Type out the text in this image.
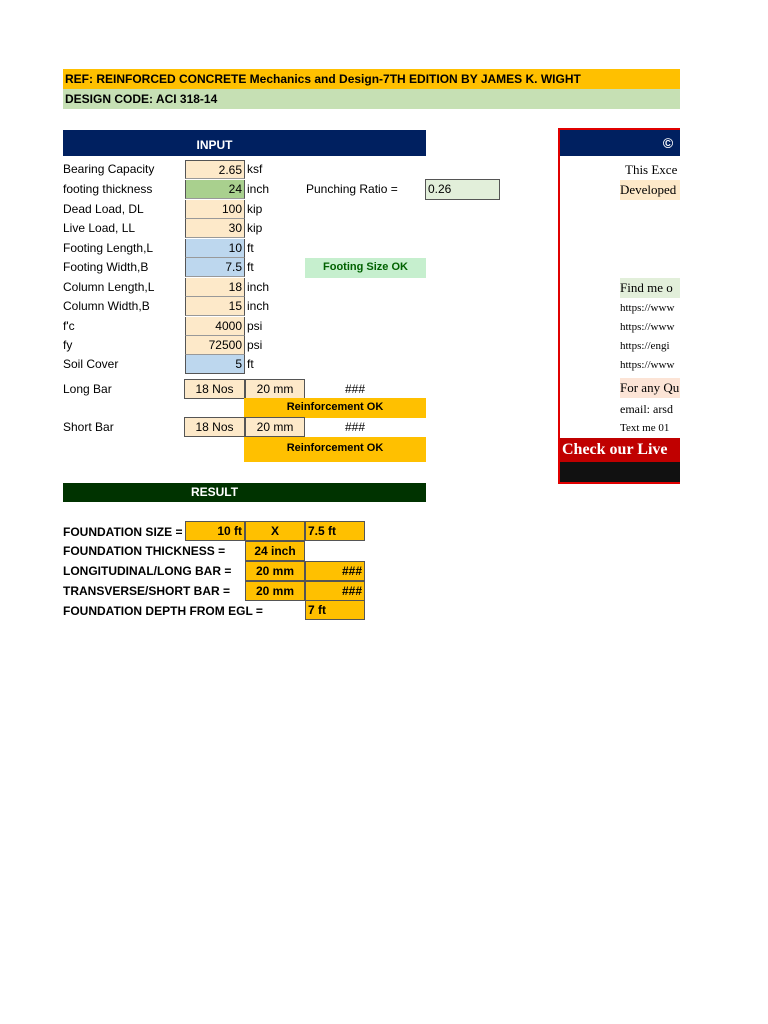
REF: REINFORCED CONCRETE Mechanics and Design-7TH EDITION BY JAMES K. WIGHT
DESIGN CODE: ACI 318-14
INPUT
Bearing Capacity	2.65 ksf
footing thickness	24 inch
Dead Load, DL	100 kip
Live Load, LL	30 kip
Footing Length,L	10 ft
Footing Width,B	7.5 ft
Column Length,L	18 inch
Column Width,B	15 inch
f'c	4000 psi
fy	72500 psi
Soil Cover	5 ft
Punching Ratio =	0.26
Footing Size OK
Long Bar	18 Nos	20 mm	###
Reinforcement OK
Short Bar	18 Nos	20 mm	###
Reinforcement OK
RESULT
FOUNDATION SIZE =	10 ft	X	7.5 ft
FOUNDATION THICKNESS =	24 inch
LONGITUDINAL/LONG BAR =	20 mm	###
TRANSVERSE/SHORT BAR =	20 mm	###
FOUNDATION DEPTH FROM EGL =	7 ft
©
This Exce
Developed
Find me o
https://www
https://www
https://engi
https://www
For any Qu
email: arsd
Text me 01
Check our Live
